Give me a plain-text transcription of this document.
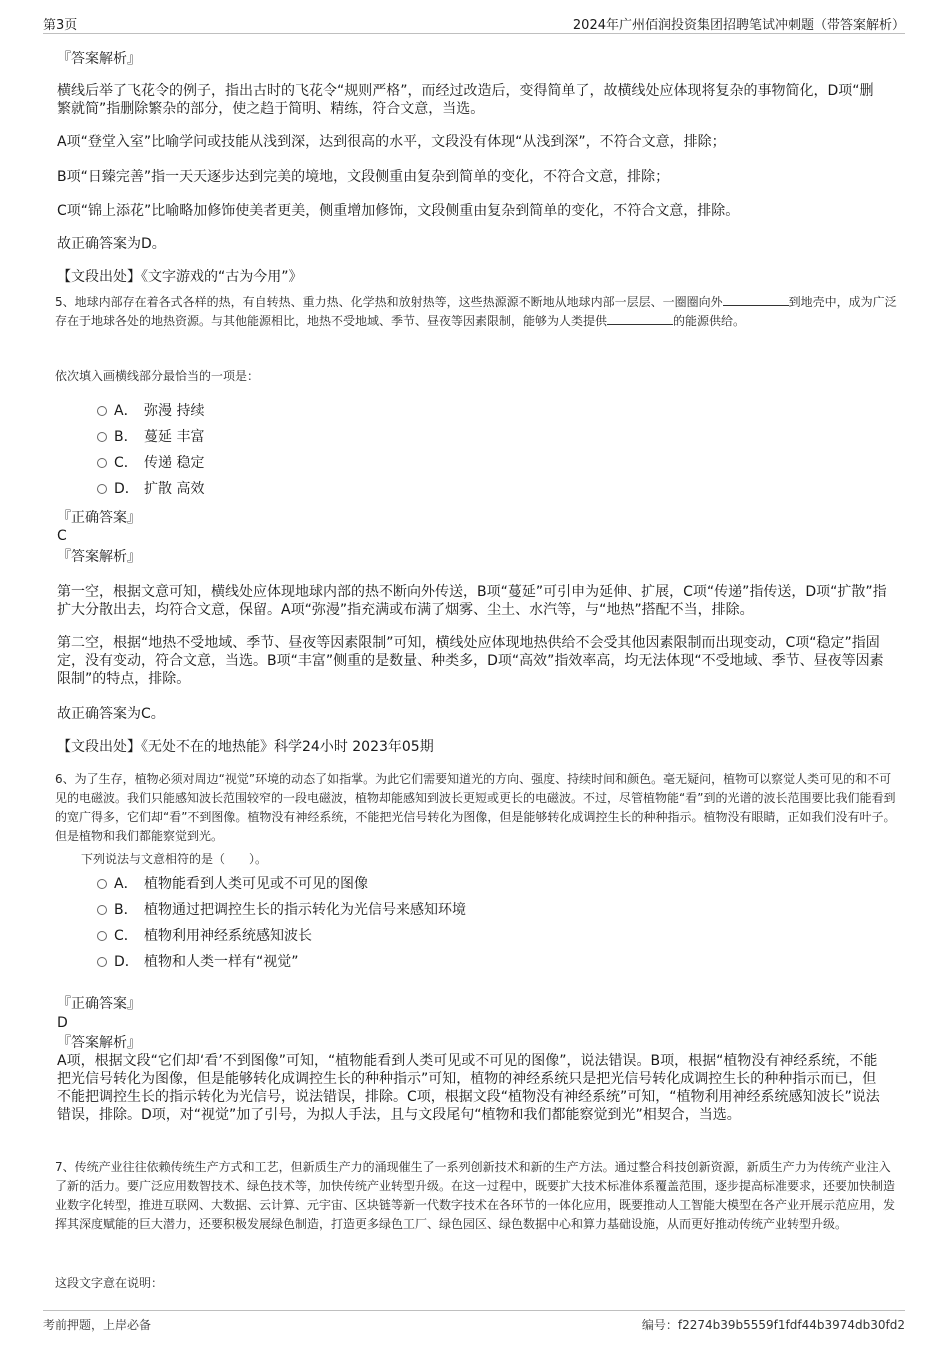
第3页	2024年广州佰润投资集团招聘笔试冲刺题（带答案解析）
『答案解析』
横线后举了飞花令的例子，指出古时的飞花令“规则严格”，而经过改造后，变得简单了，故横线处应体现将复杂的事物简化，D项“删繁就简”指删除繁杂的部分，使之趋于简明、精练，符合文意，当选。
A项“登堂入室”比喻学问或技能从浅到深，达到很高的水平，文段没有体现“从浅到深”，不符合文意，排除；
B项“日臻完善”指一天天逐步达到完美的境地，文段侧重由复杂到简单的变化，不符合文意，排除；
C项“锦上添花”比喻略加修饰使美者更美，侧重增加修饰，文段侧重由复杂到简单的变化，不符合文意，排除。
故正确答案为D。
【文段出处】《文字游戏的“古为今用”》
5、地球内部存在着各式各样的热，有自转热、重力热、化学热和放射热等，这些热源源不断地从地球内部一层层、一圈圈向外	到地壳中，成为广泛存在于地球各处的地热资源。与其他能源相比，地热不受地域、季节、昼夜等因素限制，能够为人类提供	的能源供给。
依次填入画横线部分最恰当的一项是：
A． 弥漫 持续
B． 蔓延 丰富
C． 传递 稳定
D． 扩散 高效
『正确答案』
C
『答案解析』
第一空，根据文意可知，横线处应体现地球内部的热不断向外传送，B项“蔓延”可引申为延伸、扩展，C项“传递”指传送，D项“扩散”指扩大分散出去，均符合文意，保留。A项“弥漫”指充满或布满了烟雾、尘土、水汽等，与“地热”搭配不当，排除。
第二空，根据“地热不受地域、季节、昼夜等因素限制”可知，横线处应体现地热供给不会受其他因素限制而出现变动，C项“稳定”指固定，没有变动，符合文意，当选。B项“丰富”侧重的是数量、种类多，D项“高效”指效率高，均无法体现“不受地域、季节、昼夜等因素限制”的特点，排除。
故正确答案为C。
【文段出处】《无处不在的地热能》科学24小时 2023年05期
6、为了生存，植物必须对周边“视觉”环境的动态了如指掌。为此它们需要知道光的方向、强度、持续时间和颜色。毫无疑问，植物可以察觉人类可见的和不可见的电磁波。我们只能感知波长范围较窄的一段电磁波，植物却能感知到波长更短或更长的电磁波。不过，尽管植物能“看”到的光谱的波长范围要比我们能看到的宽广得多，它们却“看”不到图像。植物没有神经系统，不能把光信号转化为图像，但是能够转化成调控生长的种种指示。植物没有眼睛，正如我们没有叶子。但是植物和我们都能察觉到光。
下列说法与文意相符的是（　　）。
A． 植物能看到人类可见或不可见的图像
B． 植物通过把调控生长的指示转化为光信号来感知环境
C． 植物利用神经系统感知波长
D． 植物和人类一样有“视觉”
『正确答案』
D
『答案解析』
A项，根据文段“它们却‘看’不到图像”可知，“植物能看到人类可见或不可见的图像”，说法错误。B项，根据“植物没有神经系统，不能把光信号转化为图像，但是能够转化成调控生长的种种指示”可知，植物的神经系统只是把光信号转化成调控生长的种种指示而已，但不能把调控生长的指示转化为光信号，说法错误，排除。C项，根据文段“植物没有神经系统”可知，“植物利用神经系统感知波长”说法错误，排除。D项，对“视觉”加了引号，为拟人手法，且与文段尾句“植物和我们都能察觉到光”相契合，当选。
7、传统产业往往依赖传统生产方式和工艺，但新质生产力的涌现催生了一系列创新技术和新的生产方法。通过整合科技创新资源，新质生产力为传统产业注入了新的活力。要广泛应用数智技术、绿色技术等，加快传统产业转型升级。在这一过程中，既要扩大技术标准体系覆盖范围，逐步提高标准要求，还要加快制造业数字化转型，推进互联网、大数据、云计算、元宇宙、区块链等新一代数字技术在各环节的一体化应用，既要推动人工智能大模型在各产业开展示范应用，发挥其深度赋能的巨大潜力，还要积极发展绿色制造，打造更多绿色工厂、绿色园区、绿色数据中心和算力基础设施，从而更好推动传统产业转型升级。
这段文字意在说明：
考前押题，上岸必备	编号：f2274b39b5559f1fdf44b3974db30fd2
